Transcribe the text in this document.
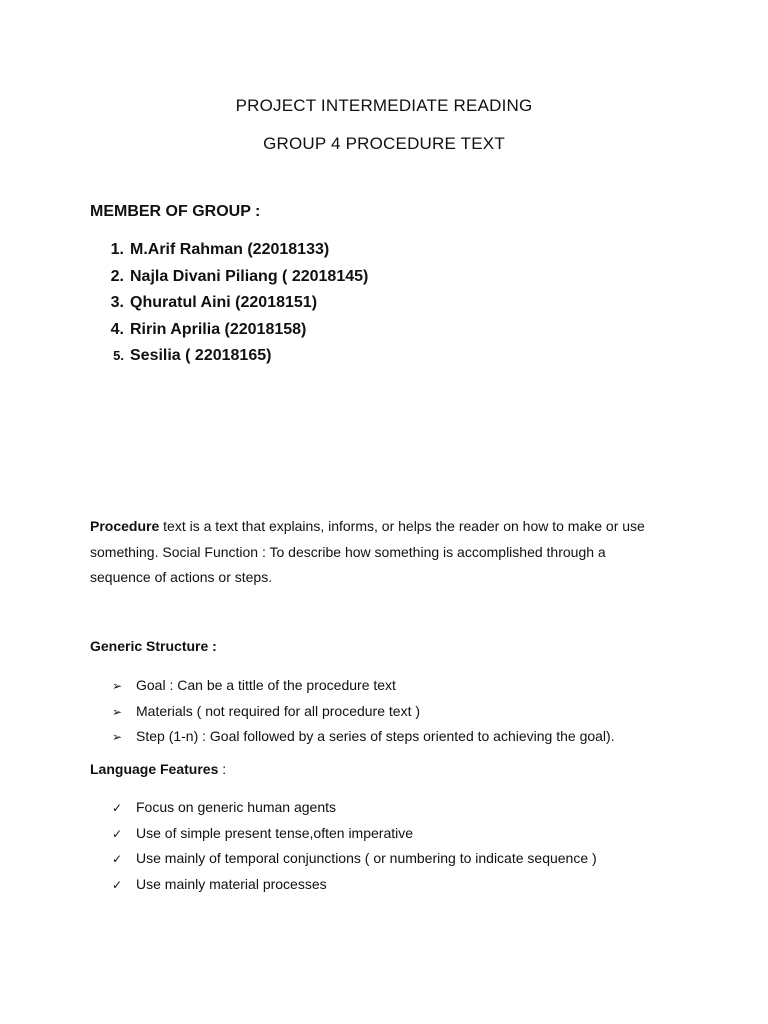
PROJECT INTERMEDIATE READING
GROUP 4 PROCEDURE TEXT
MEMBER OF GROUP :
1. M.Arif Rahman (22018133)
2. Najla Divani Piliang ( 22018145)
3. Qhuratul Aini (22018151)
4. Ririn Aprilia (22018158)
5. Sesilia ( 22018165)
Procedure text is a text that explains, informs, or helps the reader on how to make or use
something. Social Function : To describe how something is accomplished through a
sequence of actions or steps.
Generic Structure :
➢ Goal : Can be a tittle of the procedure text
➢ Materials ( not required for all procedure text )
➢ Step (1-n) : Goal followed by a series of steps oriented to achieving the goal).
Language Features :
✓ Focus on generic human agents
✓ Use of simple present tense,often imperative
✓ Use mainly of temporal conjunctions ( or numbering to indicate sequence )
✓ Use mainly material processes
